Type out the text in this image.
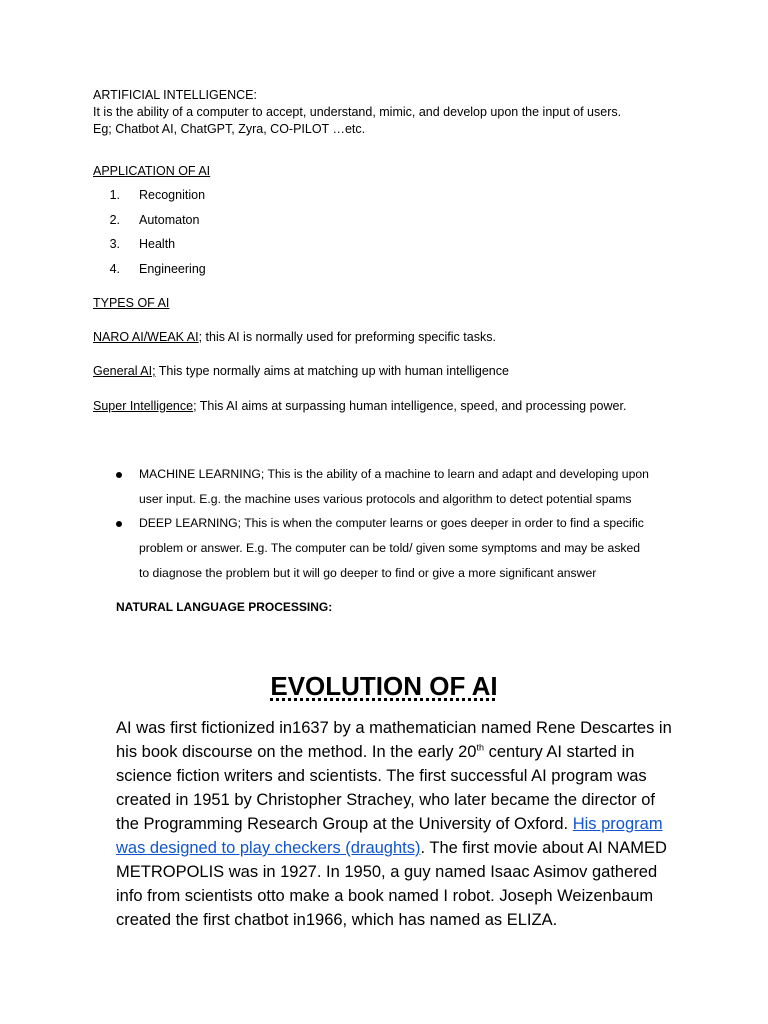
ARTIFICIAL INTELLIGENCE:
It is the ability of a computer to accept, understand, mimic, and develop upon the input of users.
Eg; Chatbot AI, ChatGPT, Zyra, CO-PILOT …etc.
APPLICATION OF AI
1. Recognition
2. Automaton
3. Health
4. Engineering
TYPES OF AI
NARO AI/WEAK AI; this AI is normally used for preforming specific tasks.
General AI; This type normally aims at matching up with human intelligence
Super Intelligence; This AI aims at surpassing human intelligence, speed, and processing power.
MACHINE LEARNING; This is the ability of a machine to learn and adapt and developing upon
user input. E.g. the machine uses various protocols and algorithm to detect potential spams
DEEP LEARNING; This is when the computer learns or goes deeper in order to find a specific
problem or answer. E.g. The computer can be told/ given some symptoms and may be asked
to diagnose the problem but it will go deeper to find or give a more significant answer
NATURAL LANGUAGE PROCESSING:
EVOLUTION OF AI
AI was first fictionized in1637 by a mathematician named Rene Descartes in his book discourse on the method. In the early 20th century AI started in science fiction writers and scientists. The first successful AI program was created in 1951 by Christopher Strachey, who later became the director of the Programming Research Group at the University of Oxford. His program was designed to play checkers (draughts). The first movie about AI NAMED METROPOLIS was in 1927. In 1950, a guy named Isaac Asimov gathered info from scientists otto make a book named I robot. Joseph Weizenbaum created the first chatbot in1966, which has named as ELIZA.
